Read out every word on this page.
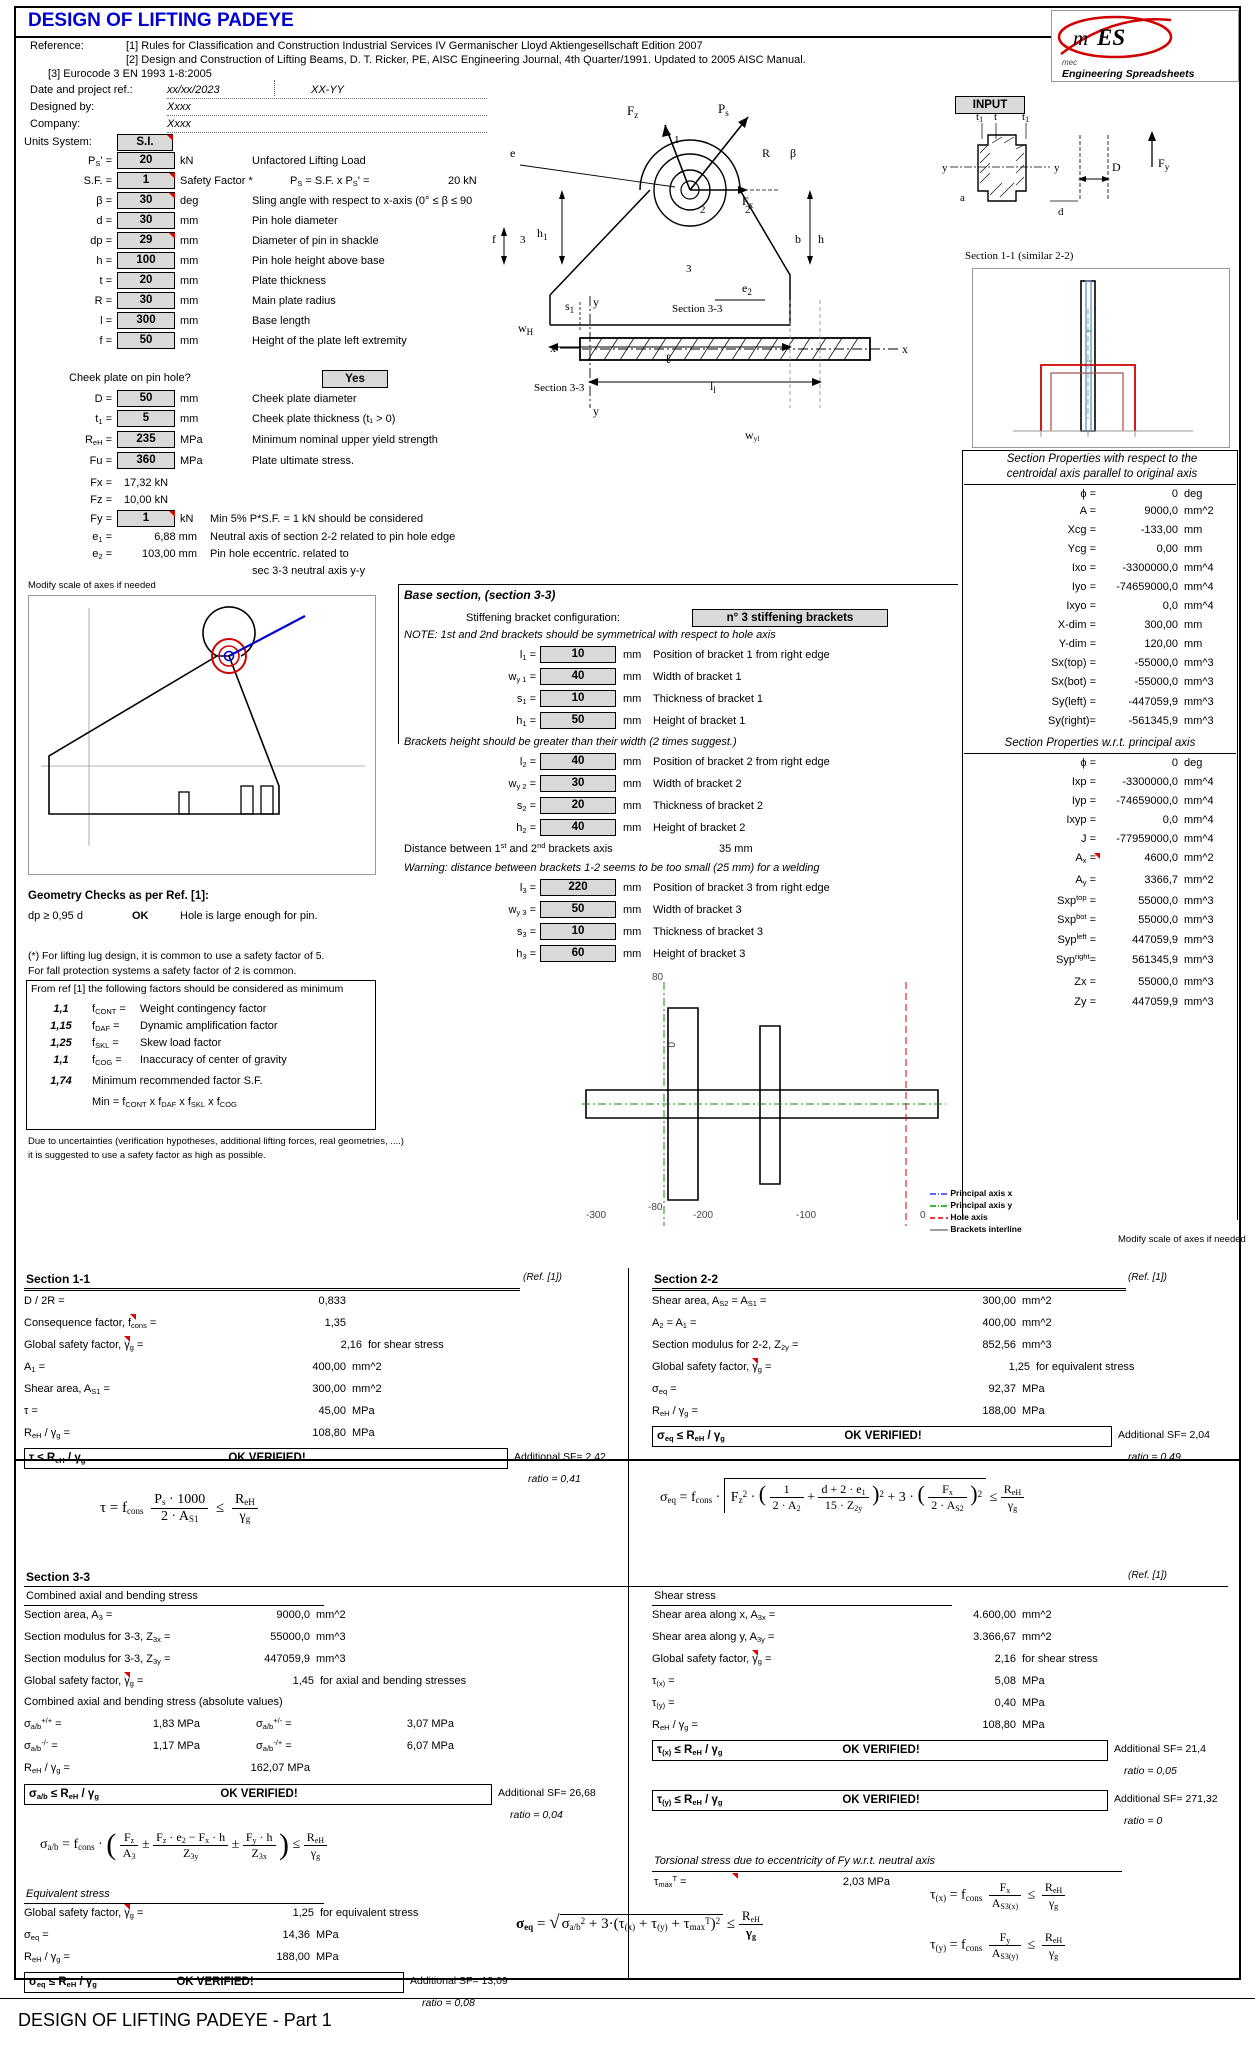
DESIGN OF LIFTING PADEYE
Reference:	[1] Rules for Classification and Construction Industrial Services IV Germanischer Lloyd Aktiengesellschaft Edition 2007
[2] Design and Construction of Lifting Beams, D. T. Ricker, PE, AISC Engineering Journal, 4th Quarter/1991. Updated to 2005 AISC Manual.
[3] Eurocode 3 EN 1993 1-8:2005
Date and project ref.:	xx/xx/2023	XX-YY
Designed by:	Xxxx
Company:	Xxxx
Units System:	S.I.
INPUT
m ES
mec
Engineering Spreadsheets
$P_S'$ =	20	kN	Unfactored Lifting Load
S.F. =	1	Safety Factor *	$P_S = S.F$. x $P_S'$ =	20 kN
β =	30	deg	Sling angle with respect to x-axis (0° ≤ β ≤ 90
d =	30	mm	Pin hole diameter
dp =	29	mm	Diameter of pin in shackle
h =	100	mm	Pin hole height above base
t =	20	mm	Plate thickness
R =	30	mm	Main plate radius
l =	300	mm	Base length
f =	50	mm	Height of the plate left extremity
Cheek plate on pin hole?	Yes
D =	50	mm	Cheek plate diameter
$t_1$ =	5	mm	Cheek plate thickness (t₁ > 0)
$R_{eH}$ =	235	MPa	Minimum nominal upper yield strength
Fu =	360	MPa	Plate ultimate stress.
Fx = 17,32 kN
Fz = 10,00 kN
Fy =	1	kN Min 5% P*S.F. = 1 kN should be considered
$e_1$ =	6,88 mm Neutral axis of section 2-2 related to pin hole edge
$e_2$ =	103,00 mm Pin hole eccentric. related to
sec 3-3 neutral axis y-y
Modify scale of axes if needed
Geometry Checks as per Ref. [1]:
dp ≥ 0,95 d	OK	Hole is large enough for pin.
(*) For lifting lug design, it is common to use a safety factor of 5.
For fall protection systems a safety factor of 2 is common.
From ref [1] the following factors should be considered as minimum
1,1	$f_{CONT}$ = Weight contingency factor
1,15	$f_{DAF}$ = Dynamic amplification factor
1,25	$f_{SKL}$ = Skew load factor
1,1	$f_{COG}$ = Inaccuracy of center of gravity
1,74	Minimum recommended factor S.F.
Min = $f_{CONT}$ x $f_{DAF}$ x $f_{SKL}$ x $f_{COG}$
Due to uncertainties (verification hypotheses, additional lifting forces, real geometries, ....)
it is suggested to use a safety factor as high as possible.
$F_z$	$P_s$
1
$F_x$
R β
e
2	2
3
3
f	$h_1$	b h
$e_2$
ℓ
x	x
$s_1$
$w_H$
y
y
$l_l$
Section 3-3
Section 3-3
$w_{yl}$
t1 t t1
y	y	D	$F_y$
a
d
Section 1-1 (similar 2-2)
Base section, (section 3-3)
Stiffening bracket configuration:	n° 3 stiffening brackets
NOTE: 1st and 2nd brackets should be symmetrical with respect to hole axis
$l_1$ =	10	mm Position of bracket 1 from right edge
$w_{y 1}$ =	40	mm Width of bracket 1
$s_1$ =	10	mm Thickness of bracket 1
$h_1$ =	50	mm Height of bracket 1
Brackets height should be greater than their width (2 times suggest.)
$l_2$ =	40	mm Position of bracket 2 from right edge
$w_{y 2}$ =	30	mm Width of bracket 2
$s_2$ =	20	mm Thickness of bracket 2
$h_2$ =	40	mm Height of bracket 2
Distance between 1st and 2nd brackets axis	35 mm
Warning: distance between brackets 1-2 seems to be too small (25 mm) for a welding
$l_3$ =	220	mm Position of bracket 3 from right edge
$w_{y 3}$ =	50	mm Width of bracket 3
$s_3$ =	10	mm Thickness of bracket 3
$h_3$ =	60	mm Height of bracket 3
-300	-200	-100	0
80
0
-80
Section Properties with respect to the
centroidal axis parallel to original axis
ϕ =	0 deg
A =	9000,0 mm^2
Xcg =	-133,00 mm
Ycg =	0,00 mm
Ixo =	-3300000,0 mm^4
Iyo =	-74659000,0 mm^4
Ixyo =	0,0 mm^4
X-dim =	300,00 mm
Y-dim =	120,00 mm
Sx(top) =	-55000,0 mm^3
Sx(bot) =	-55000,0 mm^3
Sy(left) =	-447059,9 mm^3
Sy(right)=	-561345,9 mm^3
Section Properties w.r.t. principal axis
ϕ =	0 deg
Ixp =	-3300000,0 mm^4
Iyp =	-74659000,0 mm^4
Ixyp =	0,0 mm^4
J =	-77959000,0 mm^4
$A_x$ =	4600,0 mm^2
$A_y$ =	3366,7 mm^2
Sxp$^{top}$ =	55000,0 mm^3
Sxp$^{bot}$ =	55000,0 mm^3
Syp$^{left}$ =	447059,9 mm^3
Syp$^{right}$=	561345,9 mm^3
Zx =	55000,0 mm^3
Zy =	447059,9 mm^3
Principal axis x
Principal axis y
Hole axis
Brackets interline
Modify scale of axes if needed
Section 1-1	(Ref. [1])
D / 2R =	0,833
Consequence factor, $f_{cons}$ =	1,35
Global safety factor, $\gamma_g$ =	2,16 for shear stress
$A_1$ =	400,00 mm^2
Shear area, $A_{S1}$ =	300,00 mm^2
τ =	45,00 MPa
$R_{eH} / \gamma_g$ =	108,80 MPa
$\tau \le R_{eH} / \gamma_g$	OK VERIFIED!	Additional SF= 2,42
ratio = 0,41
$\tau = f_{cons} \frac{P_s \cdot 1000}{2 \cdot A_{S1}} \le \frac{R_{eH}}{\gamma_g}$
Section 2-2	(Ref. [1])
Shear area, $A_{S2} = A_{S1}$ =	300,00 mm^2
$A_2 = A_1$ =	400,00 mm^2
Section modulus for 2-2, $Z_{2y}$ =	852,56 mm^3
Global safety factor, $\gamma_g$ =	1,25 for equivalent stress
$\sigma_{eq}$ =	92,37 MPa
$R_{eH} / \gamma_g$ =	188,00 MPa
$\sigma_{eq} \le R_{eH} / \gamma_g$	OK VERIFIED!	Additional SF= 2,04
ratio = 0,49
$\sigma_{eq} = f_{cons} \cdot F_z^2$ · ( $\frac{1}{2 \cdot A_2} + \frac{d + 2 \cdot e_1}{15 \cdot Z_{2y}} )^2 + 3$ · ( $\frac{F_x}{2 \cdot A_{S2}} )^2 \le \frac{R_{eH}}{\gamma_g}$
Section 3-3	(Ref. [1])
Combined axial and bending stress	Shear stress
Section area, $A_3$ =	9000,0 mm^2
Section modulus for 3-3, $Z_{3x}$ =	55000,0 mm^3
Section modulus for 3-3, $Z_{3y}$ =	447059,9 mm^3
Global safety factor, $\gamma_g$ =	1,45 for axial and bending stresses
Combined axial and bending stress (absolute values)
$\sigma_{a/b}^{+/+}$ =	1,83 MPa	$\sigma_{a/b}^{+/-}$ =	3,07 MPa
$\sigma_{a/b}^{-/-}$ =	1,17 MPa	$\sigma_{a/b}^{-/+}$ =	6,07 MPa
$R_{eH} / \gamma_g$ =	162,07 MPa
$\sigma_{a/b} \le R_{eH} / \gamma_g$	OK VERIFIED!	Additional SF= 26,68
ratio = 0,04
$\sigma_{a/b} = f_{cons}$ · ( $\frac{F_z}{A_3} \pm \frac{F_z \cdot e_2 - F_x \cdot h}{Z_{3y}} \pm \frac{F_y \cdot h}{Z_{3x}}$ ) ≤ $\frac{R_{eH}}{\gamma_g}$
Shear area along x, $A_{3x}$ =	4.600,00 mm^2
Shear area along y, $A_{3y}$ =	3.366,67 mm^2
Global safety factor, $\gamma_g$ =	2,16 for shear stress
$\tau_{(x)}$ =	5,08 MPa
$\tau_{(y)}$ =	0,40 MPa
$R_{eH} / \gamma_g$ =	108,80 MPa
$\tau_{(x)} \le R_{eH} / \gamma_g$	OK VERIFIED!	Additional SF= 21,4
ratio = 0,05
$\tau_{(y)} \le R_{eH} / \gamma_g$	OK VERIFIED!	Additional SF= 271,32
ratio = 0
Torsional stress due to eccentricity of Fy w.r.t. neutral axis
$\tau_{max}^T$ =	2,03 MPa
$\tau_{(x)} = f_{cons} \frac{F_x}{A_{S3(x)}} \le \frac{R_{eH}}{\gamma_g}$
$\tau_{(y)} = f_{cons} \frac{F_y}{A_{S3(y)}} \le \frac{R_{eH}}{\gamma_g}$
Equivalent stress
Global safety factor, $\gamma_g$ =	1,25 for equivalent stress
$\sigma_{eq}$ =	14,36 MPa
$R_{eH} / \gamma_g$ =	188,00 MPa
$\sigma_{eq} \le R_{eH} / \gamma_g$	OK VERIFIED!	Additional SF= 13,09
ratio = 0,08
$\sigma_{eq} = √\sigma_{a/b}^2 + 3\cdot(\tau_{(x)} + \tau_{(y)} + \tau_{max}^T)^2 \le \frac{R_{eH}}{\gamma_g}$
DESIGN OF LIFTING PADEYE - Part 1
